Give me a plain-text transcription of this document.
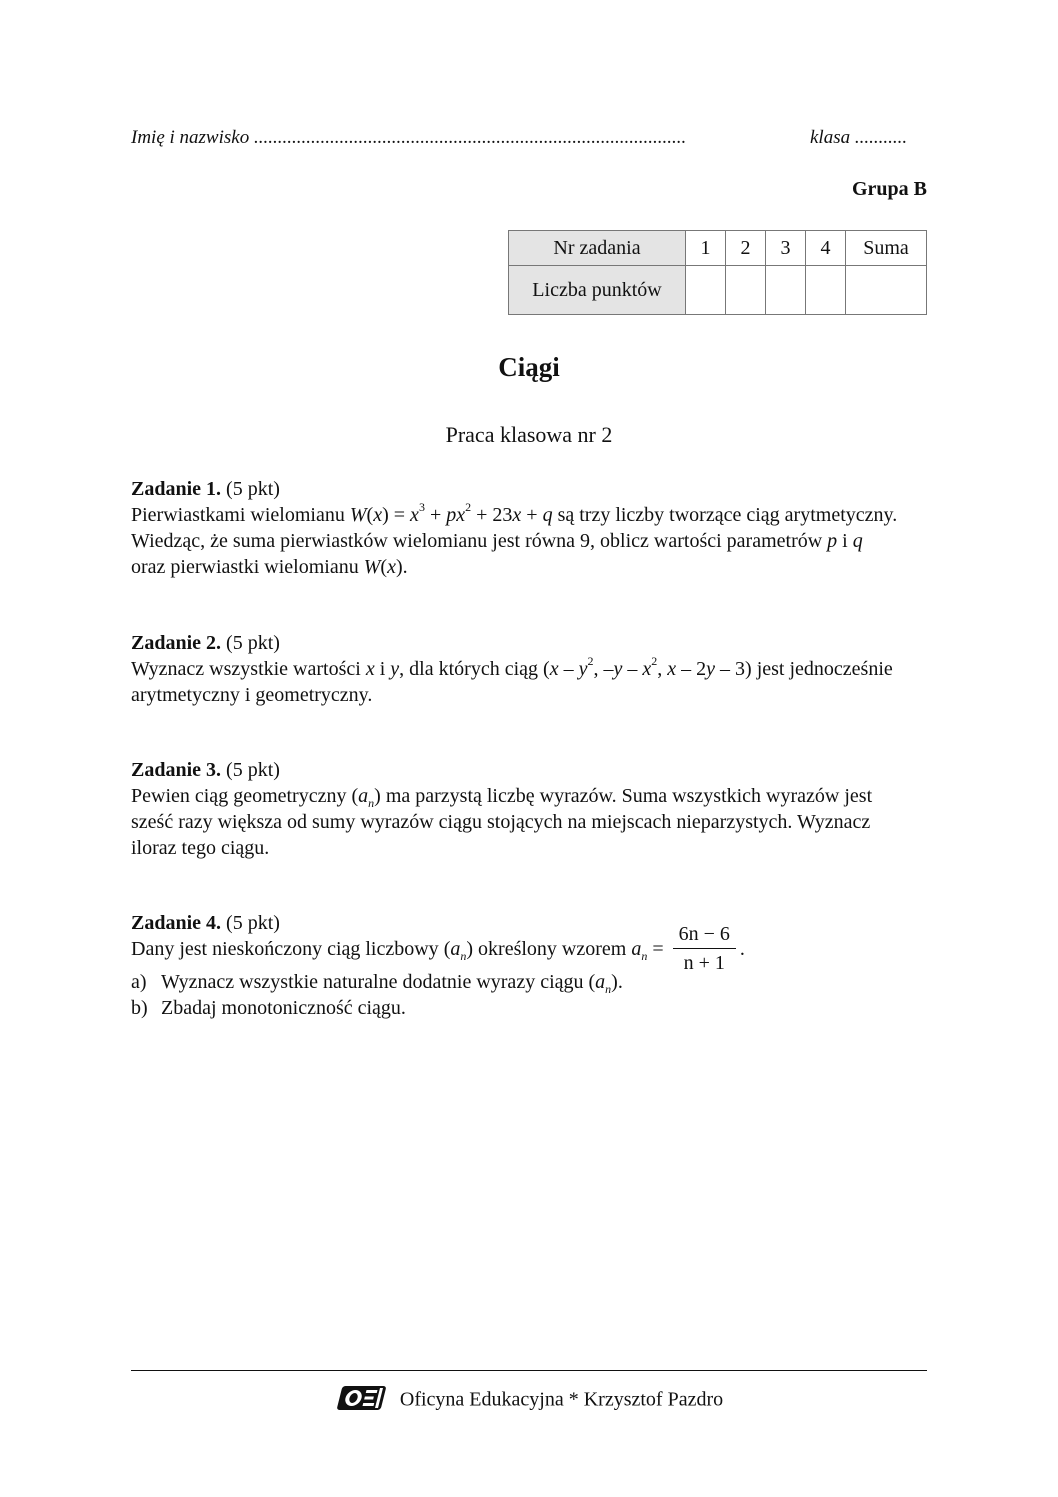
Imię i nazwisko ...........................................................................................	klasa ...........
Grupa B
Nr zadania	1	2	3	4	Suma
Liczba punktów					
Ciągi
Praca klasowa nr 2
Zadanie 1. (5 pkt)

Pierwiastkami wielomianu $W(x) = x^3 + px^2 + 23x + q$ są trzy liczby tworzące ciąg arytmetyczny.

Wiedząc, że suma pierwiastków wielomianu jest równa 9, oblicz wartości parametrów p i q

oraz pierwiastki wielomianu W(x).

Zadanie 2. (5 pkt)

Wyznacz wszystkie wartości x i y, dla których ciąg ($x - y^2$, $-y - x^2$, x – 2y – 3) jest jednocześnie

arytmetyczny i geometryczny.

Zadanie 3. (5 pkt)

Pewien ciąg geometryczny $(a_n)$ ma parzystą liczbę wyrazów. Suma wszystkich wyrazów jest

sześć razy większa od sumy wyrazów ciągu stojących na miejscach nieparzystych. Wyznacz

iloraz tego ciągu.

Zadanie 4. (5 pkt)

Dany jest nieskończony ciąg liczbowy $(a_n)$ określony wzorem $a_n = \frac{6n - 6}{n + 1}$ .

a) Wyznacz wszystkie naturalne dodatnie wyrazy ciągu $(a_n)$.

b) Zbadaj monotoniczność ciągu.

Oficyna Edukacyjna * Krzysztof Pazdro
